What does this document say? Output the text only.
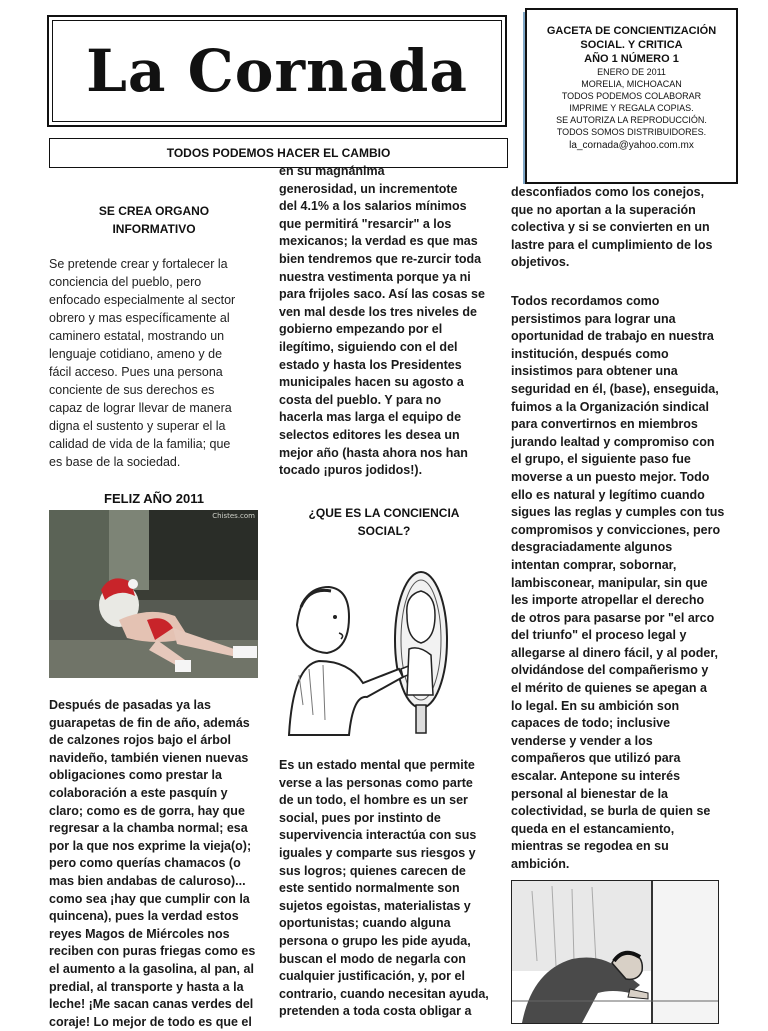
La Cornada
GACETA DE CONCIENTIZACIÓN
SOCIAL. Y CRITICA
AÑO 1 NÚMERO 1
ENERO DE 2011
MORELIA, MICHOACAN
TODOS PODEMOS COLABORAR
IMPRIME Y REGALA COPIAS.
SE AUTORIZA LA REPRODUCCIÓN.
TODOS SOMOS DISTRIBUIDORES.
la_cornada@yahoo.com.mx
TODOS PODEMOS HACER EL CAMBIO
SE CREA ORGANO
INFORMATIVO
Se pretende crear y fortalecer la
conciencia del pueblo, pero
enfocado especialmente al sector
obrero y mas específicamente al
caminero estatal, mostrando un
lenguaje cotidiano, ameno y de
fácil acceso. Pues una persona
conciente de sus derechos es
capaz de lograr llevar de manera
digna el sustento y superar el la
calidad de vida de la familia; que
es base de la sociedad.
FELIZ AÑO 2011
Chistes.com
Después de pasadas ya las
guarapetas de fin de año, además
de calzones rojos bajo el árbol
navideño, también vienen nuevas
obligaciones como prestar la
colaboración a este pasquín y
claro; como es de gorra, hay que
regresar a la chamba normal; esa
por la que nos exprime la vieja(o);
pero como querías chamacos (o
mas bien andabas de caluroso)...
como sea ¡hay que cumplir con la
quincena), pues la verdad estos
reyes Magos de Miércoles nos
reciben con puras friegas como es
el aumento a la gasolina, al pan, al
predial, al transporte y hasta a la
leche! ¡Me sacan canas verdes del
coraje! Lo mejor de todo es que el
en su magnánima
generosidad, un incrementote
del 4.1% a los salarios mínimos
que permitirá "resarcir" a los
mexicanos; la verdad es que mas
bien tendremos que re-zurcir toda
nuestra vestimenta porque ya ni
para frijoles saco. Así las cosas se
ven mal desde los tres niveles de
gobierno empezando por el
ilegítimo, siguiendo con el del
estado y hasta los Presidentes
municipales hacen su agosto a
costa del pueblo. Y para no
hacerla mas larga el equipo de
selectos editores les desea un
mejor año (hasta ahora nos han
tocado ¡puros jodidos!).
¿QUE ES LA CONCIENCIA
SOCIAL?
Es un estado mental que permite
verse a las personas como parte
de un todo, el hombre es un ser
social, pues por instinto de
supervivencia interactúa con sus
iguales y comparte sus riesgos y
sus logros; quienes carecen de
este sentido normalmente son
sujetos egoistas, materialistas y
oportunistas; cuando alguna
persona o grupo les pide ayuda,
buscan el modo de negarla con
cualquier justificación, y, por el
contrario, cuando necesitan ayuda,
pretenden a toda costa obligar a
desconfiados como los conejos,
que no aportan a la superación
colectiva y si se convierten en un
lastre para el cumplimiento de los
objetivos.
Todos recordamos como
persistimos para lograr una
oportunidad de trabajo en nuestra
institución, después como
insistimos para obtener una
seguridad en él, (base), enseguida,
fuimos a la Organización sindical
para convertirnos en miembros
jurando lealtad y compromiso con
el grupo, el siguiente paso fue
moverse a un puesto mejor. Todo
ello es natural y legítimo cuando
sigues las reglas y cumples con tus
compromisos y convicciones, pero
desgraciadamente algunos
intentan comprar, sobornar,
lambisconear, manipular, sin que
les importe atropellar el derecho
de otros para pasarse por "el arco
del triunfo" el proceso legal y
allegarse al dinero fácil, y al poder,
olvidándose del compañerismo y
el mérito de quienes se apegan a
lo legal. En su ambición son
capaces de todo; inclusive
venderse y vender a los
compañeros que utilizó para
escalar. Antepone su interés
personal al bienestar de la
colectividad, se burla de quien se
queda en el estancamiento,
mientras se regodea en su
ambición.
